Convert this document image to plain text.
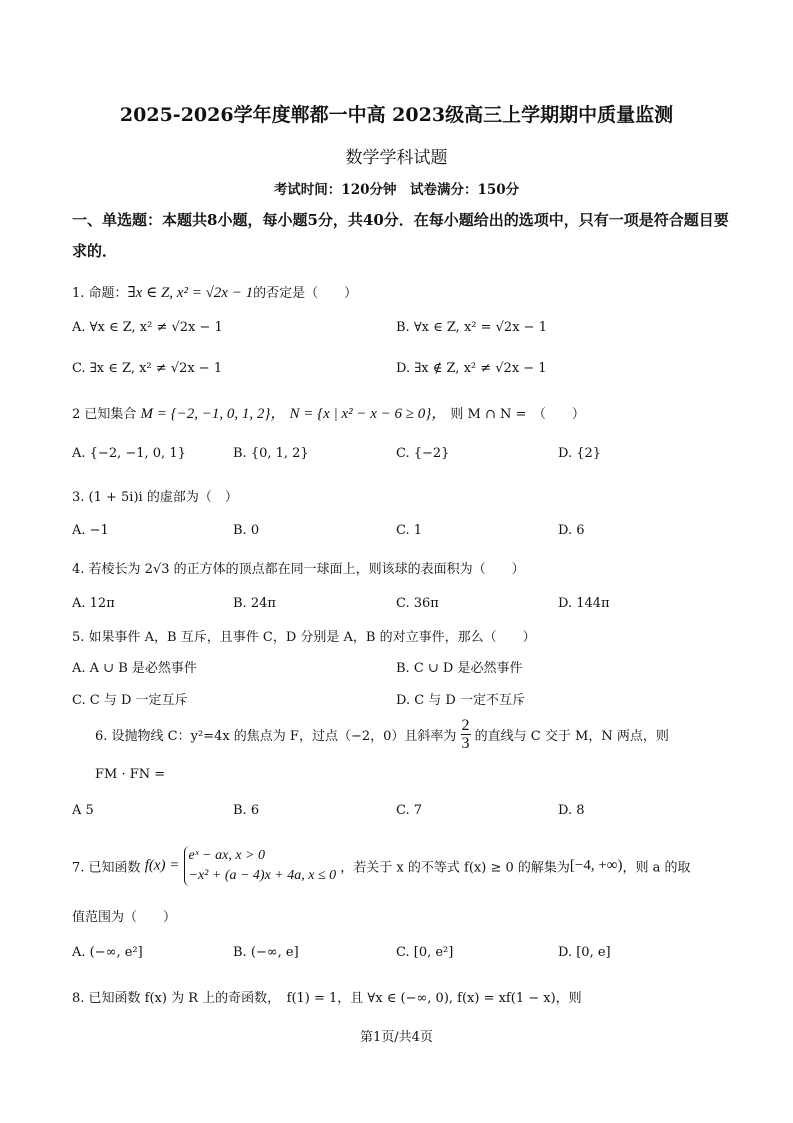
2025-2026学年度郸都一中高 2023级高三上学期期中质量监测
数学学科试题
考试时间：120分钟　试卷满分：150分
一、单选题：本题共8小题，每小题5分，共40分．在每小题给出的选项中，只有一项是符合题目要求的．
1. 命题：∃x ∈ Z, x² = √2x − 1的否定是（　　）
A. ∀x ∈ Z, x² ≠ √2x − 1	B. ∀x ∈ Z, x² = √2x − 1
C. ∃x ∈ Z, x² ≠ √2x − 1	D. ∃x ∉ Z, x² ≠ √2x − 1
2 已知集合 M = {−2, −1, 0, 1, 2}， N = {x | x² − x − 6 ≥ 0}， 则 M ∩ N =　（　　）
A. {−2, −1, 0, 1}	B. {0, 1, 2}	C. {−2}	D. {2}
3. (1 + 5i)i 的虚部为（　）
A. −1	B. 0	C. 1	D. 6
4. 若棱长为 2√3 的正方体的顶点都在同一球面上，则该球的表面积为（　　）
A. 12π	B. 24π	C. 36π	D. 144π
5. 如果事件 A，B 互斥，且事件 C，D 分别是 A，B 的对立事件，那么（　　）
A. A ∪ B 是必然事件	B. C ∪ D 是必然事件
C. C 与 D 一定互斥	D. C 与 D 一定不互斥
6. 设抛物线 C：y²=4x 的焦点为 F，过点（−2，0）且斜率为 $\frac{2}{3}$ 的直线与 C 交于 M，N 两点，则
FM · FN =
A 5	B. 6	C. 7	D. 8
7. 已知函数 f(x) =
eˣ − ax, x > 0
−x² + (a − 4)x + 4a, x ≤ 0 ，若关于 x 的不等式 f(x) ≥ 0 的解集为[−4, +∞)，则 a 的取
值范围为（　　）
A. (−∞, e²]	B. (−∞, e]	C. [0, e²]	D. [0, e]
8. 已知函数 f(x) 为 R 上的奇函数，　f(1) = 1，且 ∀x ∈ (−∞, 0), f(x) = xf(1 − x)，则
第1页/共4页
